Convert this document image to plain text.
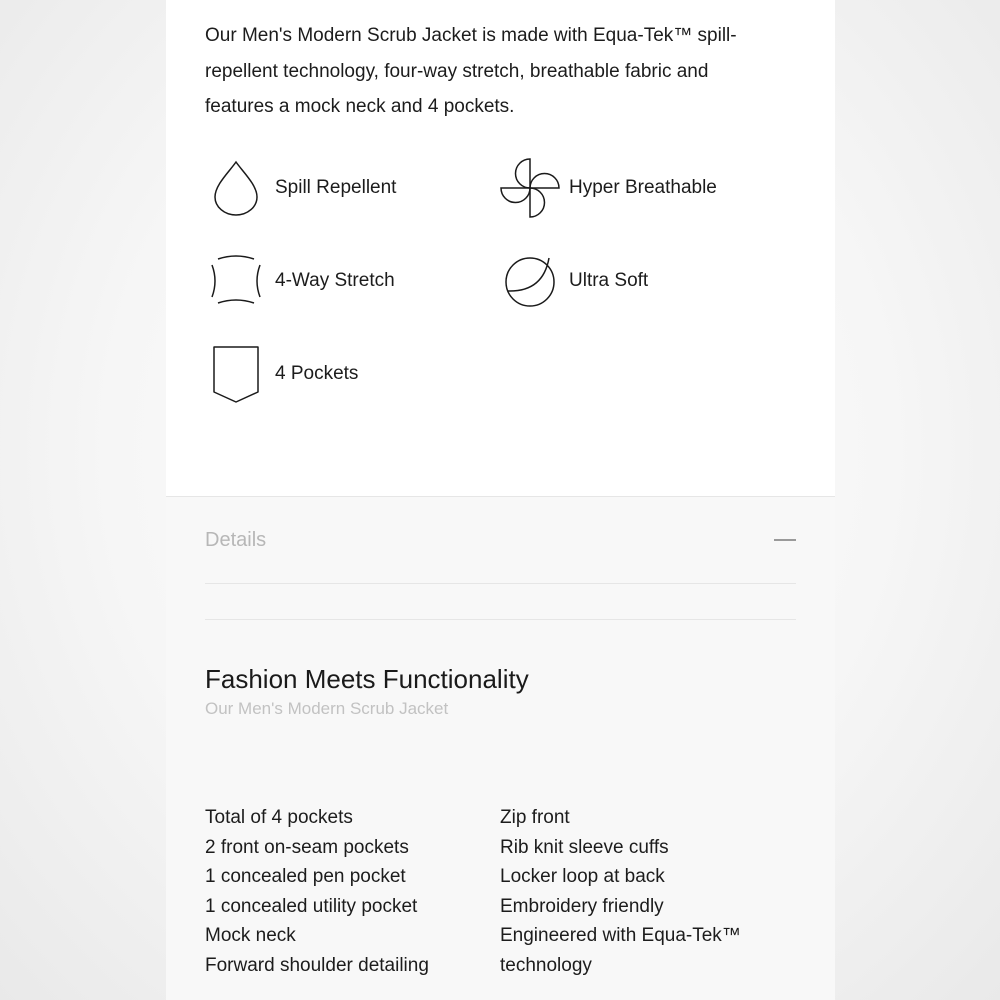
Our Men's Modern Scrub Jacket is made with Equa-Tek™ spill-repellent technology, four-way stretch, breathable fabric and features a mock neck and 4 pockets.

Spill Repellent	Hyper Breathable
4-Way Stretch	Ultra Soft
4 Pockets
Details
Fashion Meets Functionality
Our Men's Modern Scrub Jacket
Total of 4 pockets
2 front on-seam pockets
1 concealed pen pocket
1 concealed utility pocket
Mock neck
Forward shoulder detailing
Zip front
Rib knit sleeve cuffs
Locker loop at back
Embroidery friendly
Engineered with Equa-Tek™
technology
